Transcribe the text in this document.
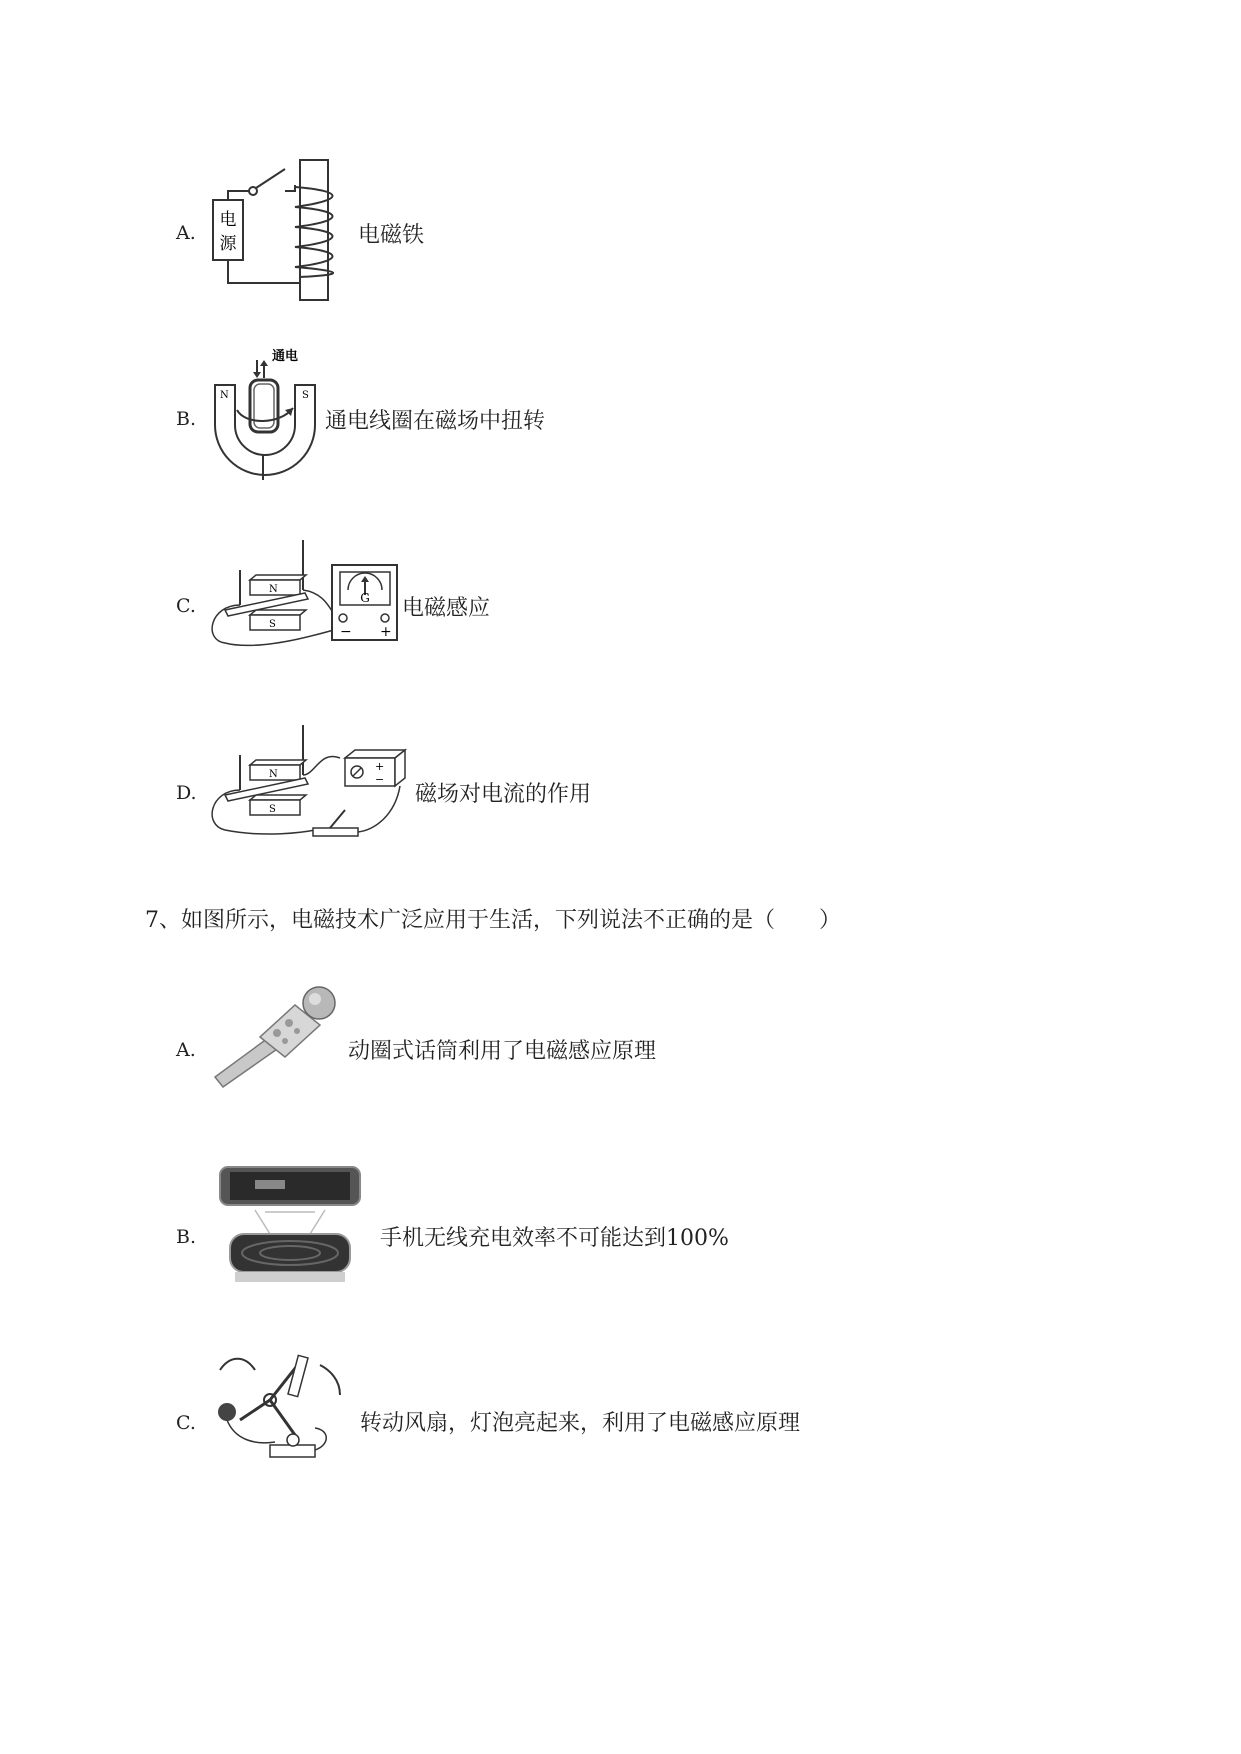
A.
电
源	电磁铁
B.
N	S
通电
通电线圈在磁场中扭转
C.
N
S
G
− +
电磁感应
D.
N
S
+
−
磁场对电流的作用
7、如图所示，电磁技术广泛应用于生活，下列说法不正确的是（　　）
A.	动圈式话筒利用了电磁感应原理
B.	手机无线充电效率不可能达到100%
C.	转动风扇，灯泡亮起来，利用了电磁感应原理
